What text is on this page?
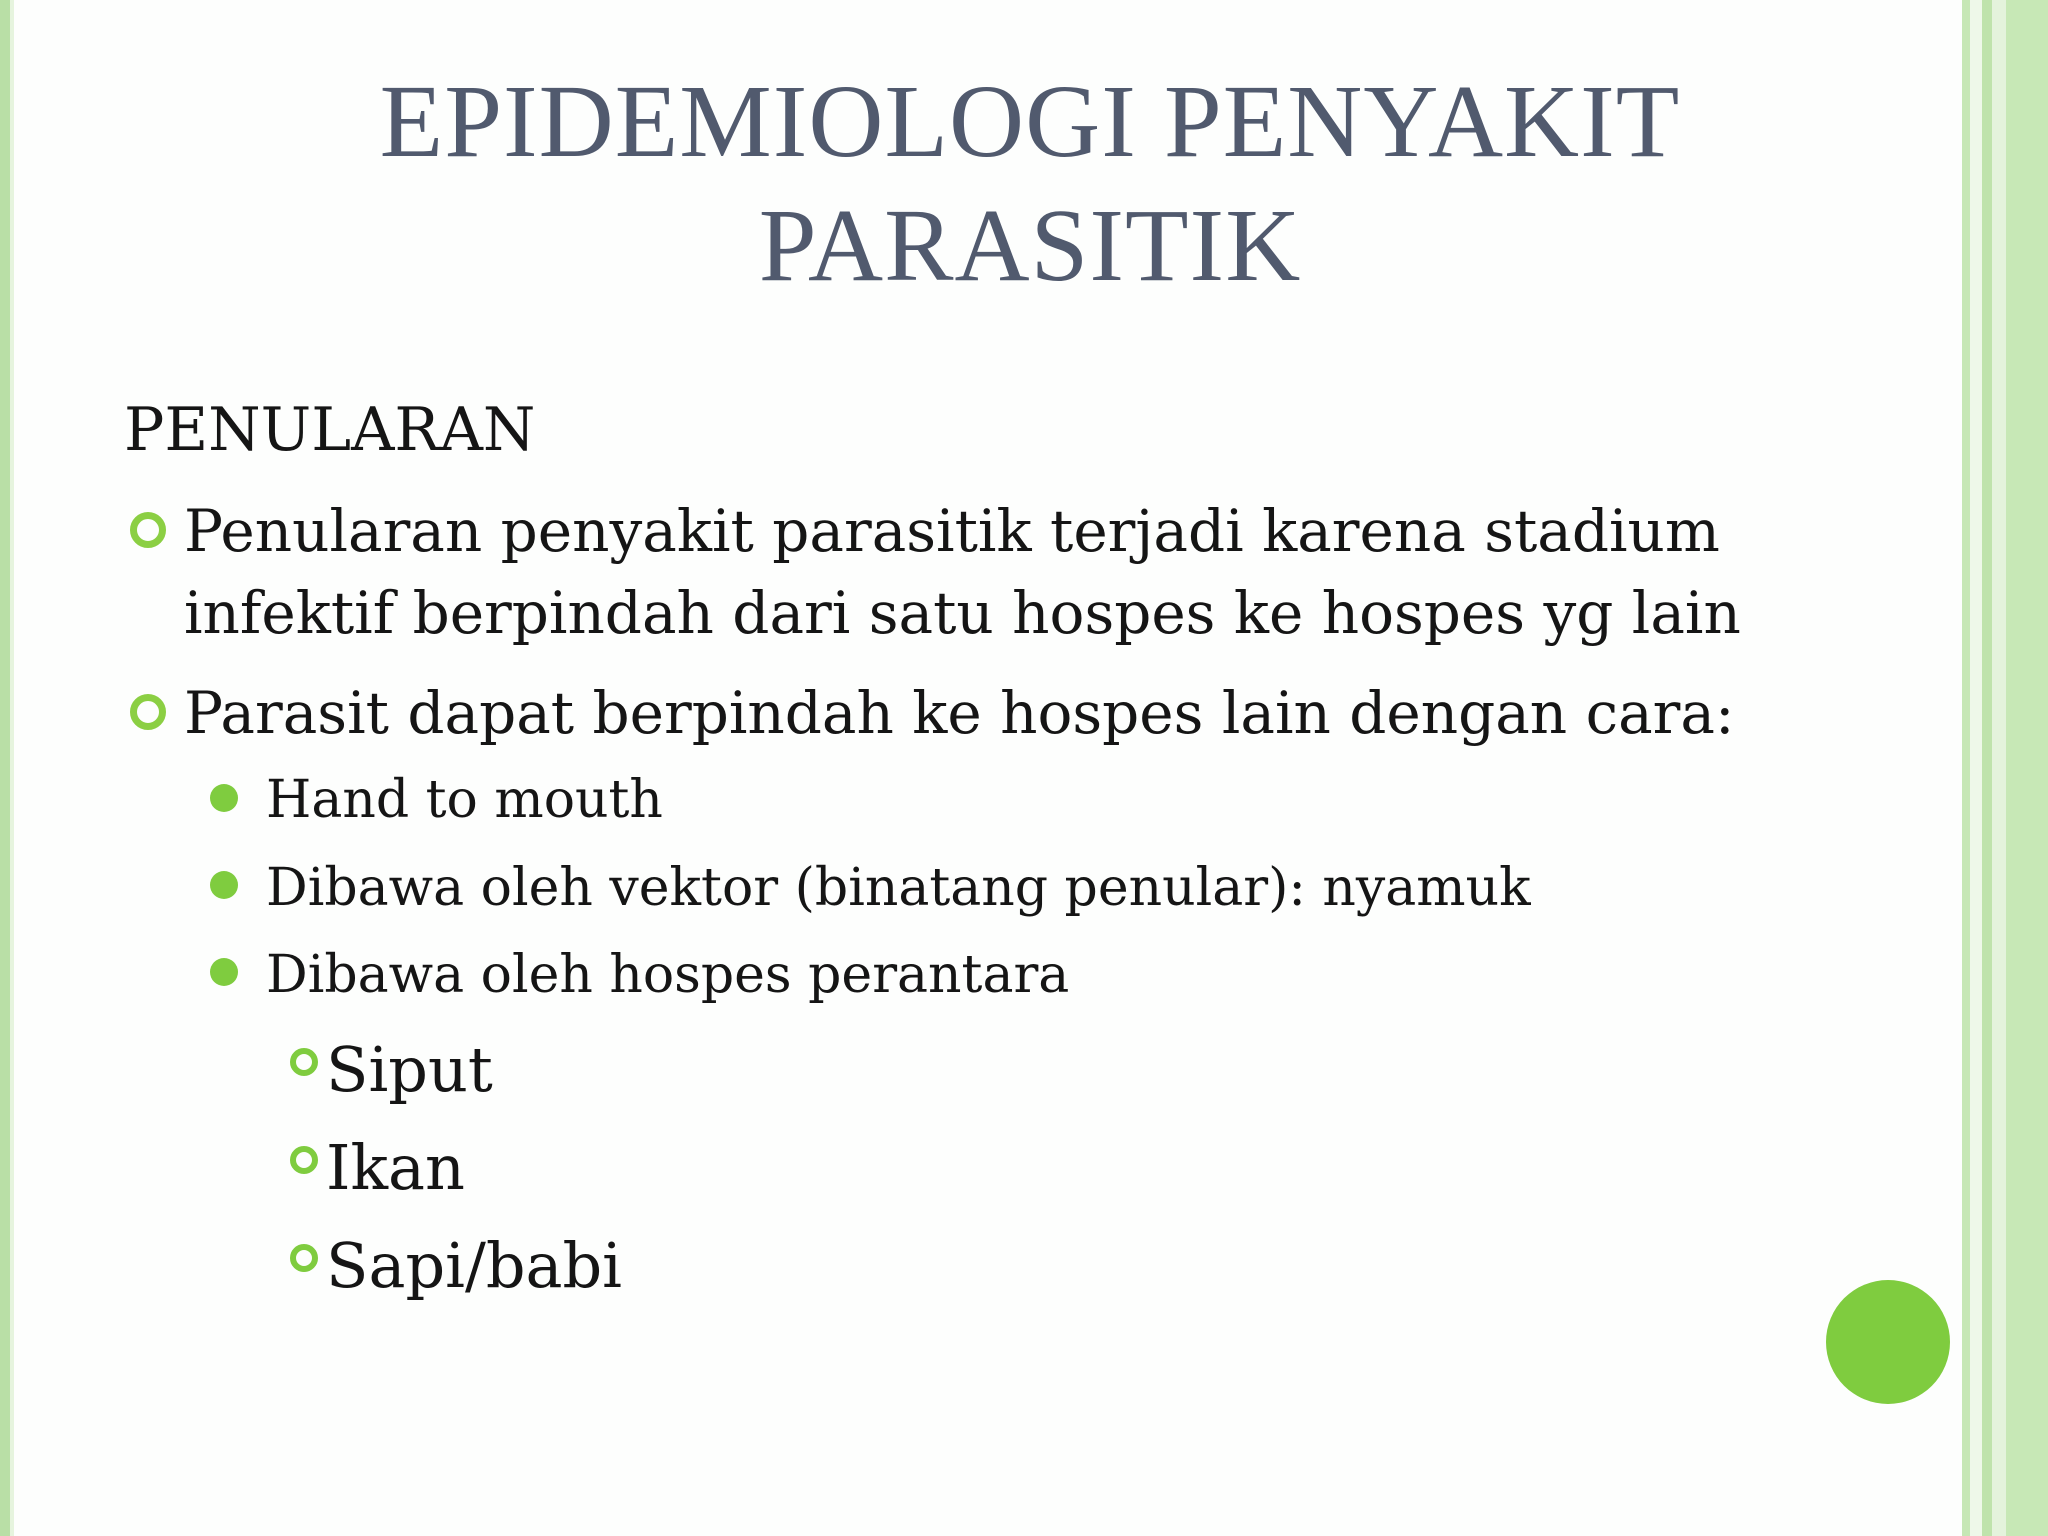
EPIDEMIOLOGI PENYAKIT
PARASITIK
PENULARAN
Penularan penyakit parasitik terjadi karena stadium infektif berpindah dari satu hospes ke hospes yg lain
Parasit dapat berpindah ke hospes lain dengan cara:
Hand to mouth
Dibawa oleh vektor (binatang penular): nyamuk
Dibawa oleh hospes perantara
Siput
Ikan
Sapi/babi
